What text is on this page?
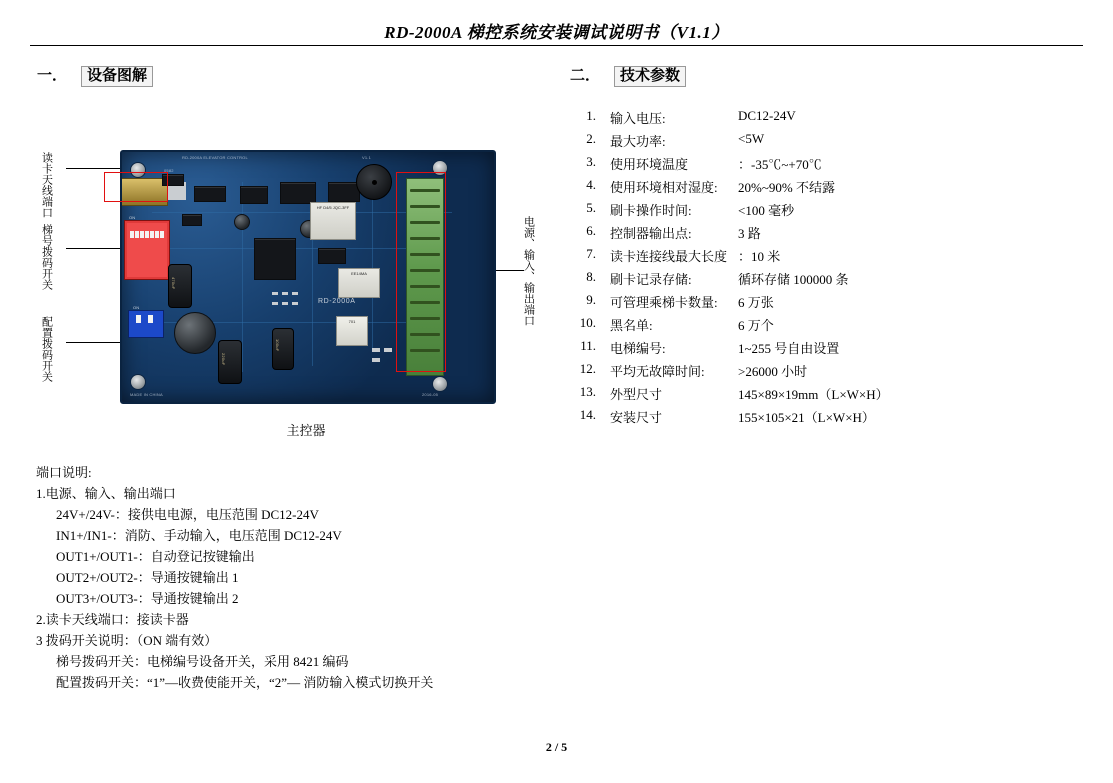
RD-2000A 梯控系统安装调试说明书（V1.1）
一． 设备图解	二． 技术参数
读卡天线端口
梯号拨码开关
配置拨码开关
电源、输入、输出端口
RD-2000A ELEVATOR CONTROL	V1.1
MADE IN CHINA	2016-05
ON
ON
470uF
220uF
100uF
0582
HF D4/5 JQC-3FF
EE14MA
701
RD-2000A
主控器
端口说明:
1.电源、输入、输出端口
24V+/24V-：接供电电源，电压范围 DC12-24V
IN1+/IN1-：消防、手动输入，电压范围 DC12-24V
OUT1+/OUT1-：自动登记按键输出
OUT2+/OUT2-：导通按键输出 1
OUT3+/OUT3-：导通按键输出 2
2.读卡天线端口：接读卡器
3 拨码开关说明：（ON 端有效）
梯号拨码开关：电梯编号设备开关，采用 8421 编码
配置拨码开关：“1”—收费使能开关，“2”— 消防输入模式切换开关
1. 输入电压:	DC12-24V
2. 最大功率:	<5W
3. 使用环境温度	：-35℃~+70℃
4. 使用环境相对湿度: 20%~90% 不结露
5. 刷卡操作时间:	<100 毫秒
6. 控制器输出点:	3 路
7. 读卡连接线最大长度 ：10 米
8. 刷卡记录存储:	循环存储 100000 条
9. 可管理乘梯卡数量: 6 万张
10. 黑名单:	6 万个
11. 电梯编号:	1~255 号自由设置
12. 平均无故障时间:	>26000 小时
13. 外型尺寸	145×89×19mm（L×W×H）
14. 安装尺寸	155×105×21（L×W×H）
2 / 5
